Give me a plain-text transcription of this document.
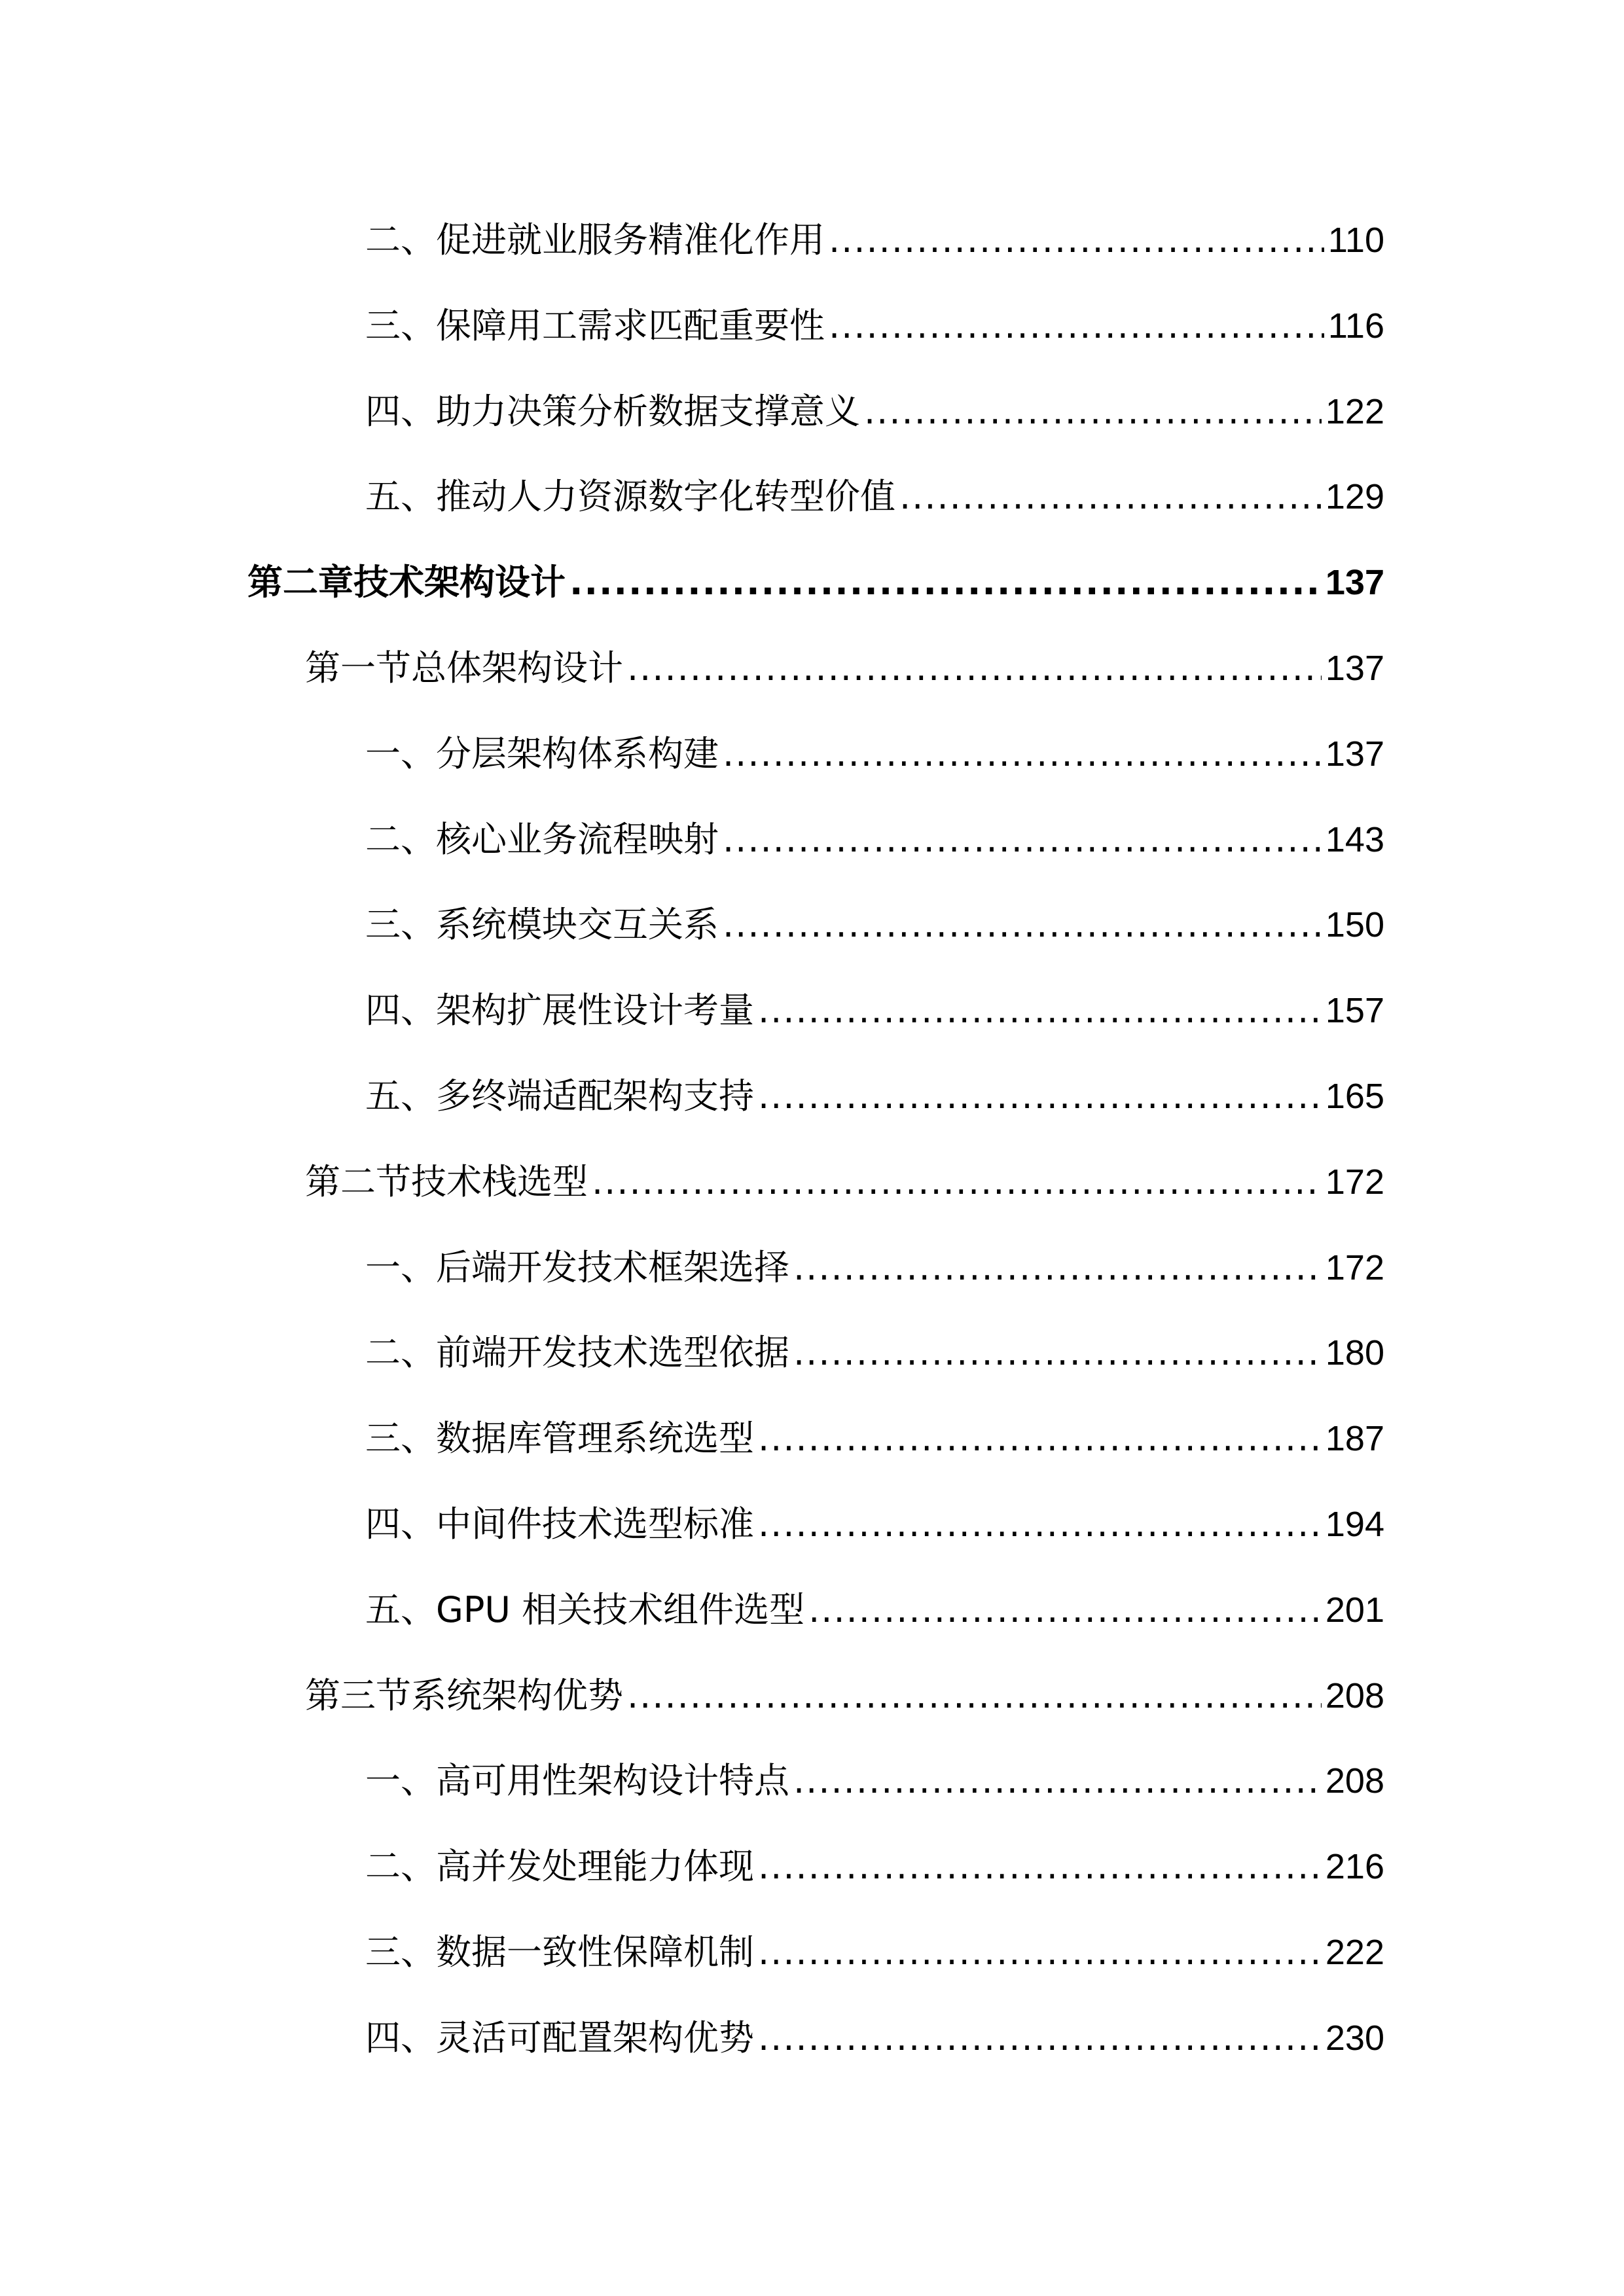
二、促进就业服务精准化作用 .....	110
三、保障用工需求匹配重要性 .....	116
四、助力决策分析数据支撑意义 .....	122
五、推动人力资源数字化转型价值 .....	129
第二章技术架构设计 .....	137
第一节总体架构设计 .....	137
一、分层架构体系构建 .....	137
二、核心业务流程映射 .....	143
三、系统模块交互关系 .....	150
四、架构扩展性设计考量 .....	157
五、多终端适配架构支持 .....	165
第二节技术栈选型 .....	172
一、后端开发技术框架选择 .....	172
二、前端开发技术选型依据 .....	180
三、数据库管理系统选型 .....	187
四、中间件技术选型标准 .....	194
五、GPU 相关技术组件选型 .....	201
第三节系统架构优势 .....	208
一、高可用性架构设计特点 .....	208
二、高并发处理能力体现 .....	216
三、数据一致性保障机制 .....	222
四、灵活可配置架构优势 .....	230
